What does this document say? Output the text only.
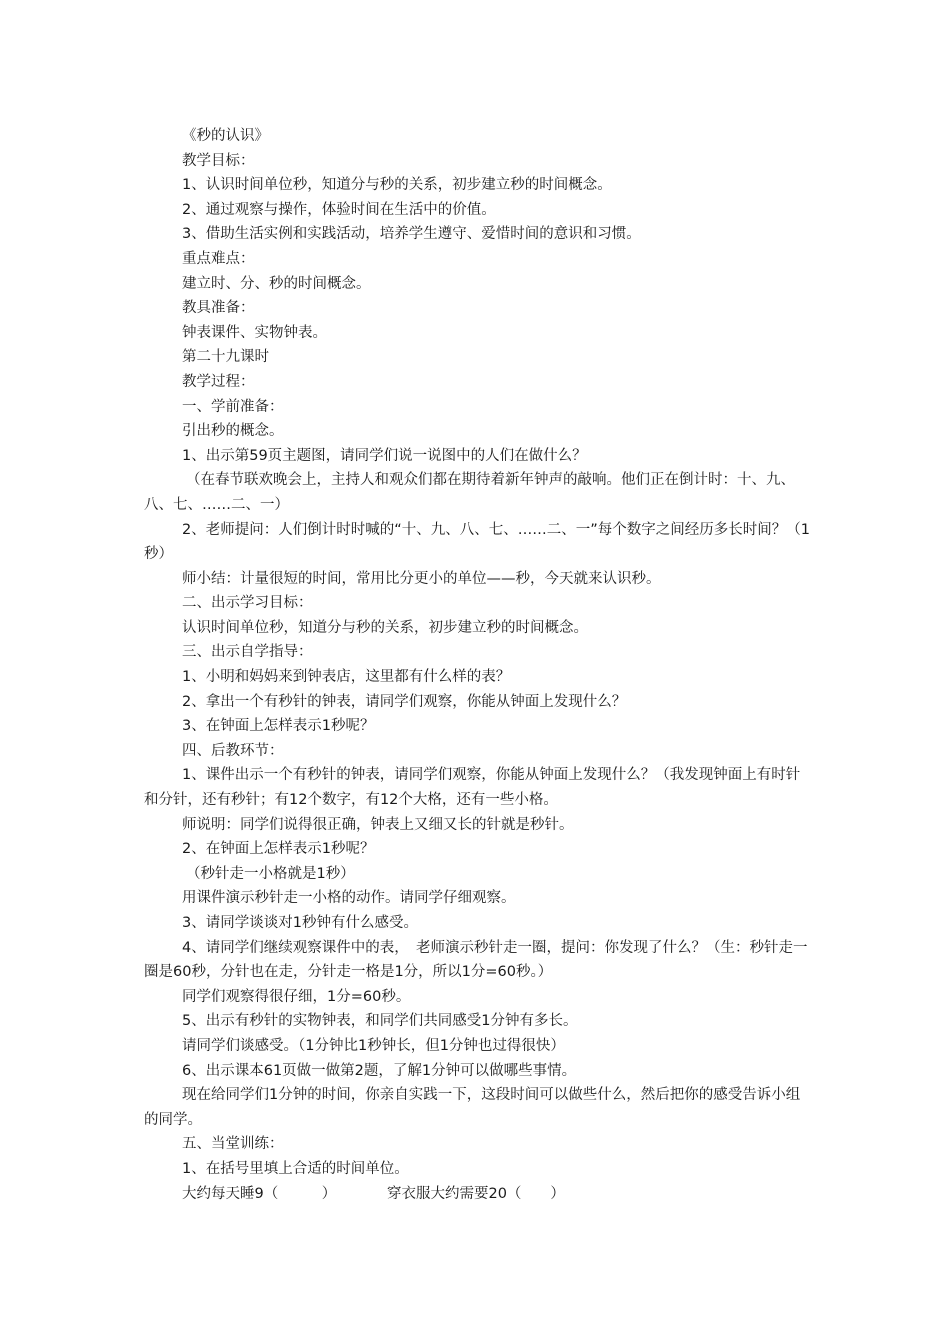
《秒的认识》

教学目标：

1、认识时间单位秒，知道分与秒的关系，初步建立秒的时间概念。

2、通过观察与操作，体验时间在生活中的价值。

3、借助生活实例和实践活动，培养学生遵守、爱惜时间的意识和习惯。

重点难点：

建立时、分、秒的时间概念。

教具准备：

钟表课件、实物钟表。

第二十九课时

教学过程：

一、学前准备：

引出秒的概念。

1、出示第59页主题图，请同学们说一说图中的人们在做什么？

（在春节联欢晚会上，主持人和观众们都在期待着新年钟声的敲响。他们正在倒计时：十、九、八、七、……二、一）

2、老师提问：人们倒计时时喊的“十、九、八、七、……二、一”每个数字之间经历多长时间？（1秒）

师小结：计量很短的时间，常用比分更小的单位——秒，今天就来认识秒。

二、出示学习目标：

认识时间单位秒，知道分与秒的关系，初步建立秒的时间概念。

三、出示自学指导：

1、小明和妈妈来到钟表店，这里都有什么样的表？

2、拿出一个有秒针的钟表，请同学们观察，你能从钟面上发现什么？

3、在钟面上怎样表示1秒呢？

四、后教环节：

1、课件出示一个有秒针的钟表，请同学们观察，你能从钟面上发现什么？（我发现钟面上有时针和分针，还有秒针；有12个数字，有12个大格，还有一些小格。

师说明：同学们说得很正确，钟表上又细又长的针就是秒针。

2、在钟面上怎样表示1秒呢？

（秒针走一小格就是1秒）

用课件演示秒针走一小格的动作。请同学仔细观察。

3、请同学谈谈对1秒钟有什么感受。

4、请同学们继续观察课件中的表，　老师演示秒针走一圈，提问：你发现了什么？（生：秒针走一圈是60秒，分针也在走，分针走一格是1分，所以1分=60秒。）

同学们观察得很仔细，1分=60秒。

5、出示有秒针的实物钟表，和同学们共同感受1分钟有多长。

请同学们谈感受。（1分钟比1秒钟长，但1分钟也过得很快）

6、出示课本61页做一做第2题，了解1分钟可以做哪些事情。

现在给同学们1分钟的时间，你亲自实践一下，这段时间可以做些什么，然后把你的感受告诉小组的同学。

五、当堂训练：

1、在括号里填上合适的时间单位。

大约每天睡9（　　　）　　　　穿衣服大约需要20（　　）
